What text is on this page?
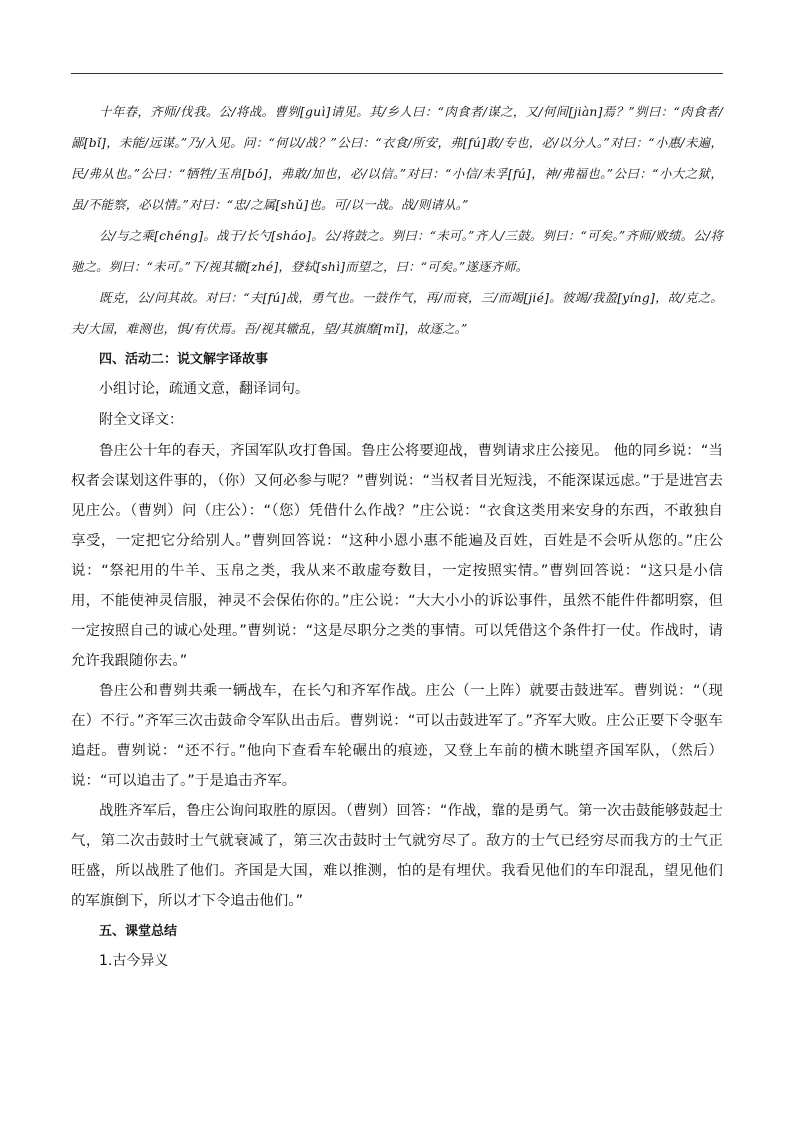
十年春，齐师/伐我。公/将战。曹刿[guì]请见。其/乡人曰：“肉食者/谋之，又/何间[jiàn]焉？”刿曰：“肉食者/鄙[bǐ]，未能/远谋。”乃/入见。问：“何以/战？”公曰：“衣食/所安，弗[fú]敢/专也，必/以分人。”对曰：“小惠/未遍，民/弗从也。”公曰：“牺牲/玉帛[bó]，弗敢/加也，必/以信。”对曰：“小信/未孚[fú]，神/弗福也。”公曰：“小大之狱，虽/不能察，必以情。”对曰：“忠/之属[shǔ]也。可/以一战。战/则请从。”

公/与之乘[chéng]。战于/长勺[sháo]。公/将鼓之。刿曰：“未可。”齐人/三鼓。刿曰：“可矣。”齐师/败绩。公/将驰之。刿曰：“未可。”下/视其辙[zhé]，登轼[shì]而望之，曰：“可矣。”遂逐齐师。

既克，公/问其故。对曰：“夫[fú]战，勇气也。一鼓作气，再/而衰，三/而竭[jié]。彼竭/我盈[yíng]，故/克之。夫/大国，难测也，惧/有伏焉。吾/视其辙乱，望/其旗靡[mǐ]，故逐之。”

四、活动二：说文解字译故事

小组讨论，疏通文意，翻译词句。

附全文译文：

鲁庄公十年的春天，齐国军队攻打鲁国。鲁庄公将要迎战，曹刿请求庄公接见。 他的同乡说：“当权者会谋划这件事的，（你）又何必参与呢？”曹刿说：“当权者目光短浅，不能深谋远虑。”于是进宫去见庄公。（曹刿）问（庄公）：“（您）凭借什么作战？”庄公说：“衣食这类用来安身的东西，不敢独自享受，一定把它分给别人。”曹刿回答说：“这种小恩小惠不能遍及百姓，百姓是不会听从您的。”庄公说：“祭祀用的牛羊、玉帛之类，我从来不敢虚夸数目，一定按照实情。”曹刿回答说：“这只是小信用，不能使神灵信服，神灵不会保佑你的。”庄公说：“大大小小的诉讼事件，虽然不能件件都明察，但一定按照自己的诚心处理。”曹刿说：“这是尽职分之类的事情。可以凭借这个条件打一仗。作战时，请允许我跟随你去。”

鲁庄公和曹刿共乘一辆战车，在长勺和齐军作战。庄公（一上阵）就要击鼓进军。曹刿说：“（现在）不行。”齐军三次击鼓命令军队出击后。曹刿说：“可以击鼓进军了。”齐军大败。庄公正要下令驱车追赶。曹刿说：“还不行。”他向下查看车轮碾出的痕迹，又登上车前的横木眺望齐国军队，（然后）说：“可以追击了。”于是追击齐军。

战胜齐军后，鲁庄公询问取胜的原因。（曹刿）回答：“作战，靠的是勇气。第一次击鼓能够鼓起士气，第二次击鼓时士气就衰减了，第三次击鼓时士气就穷尽了。敌方的士气已经穷尽而我方的士气正旺盛，所以战胜了他们。齐国是大国，难以推测，怕的是有埋伏。我看见他们的车印混乱，望见他们的军旗倒下，所以才下令追击他们。”

五、课堂总结

1.古今异义
